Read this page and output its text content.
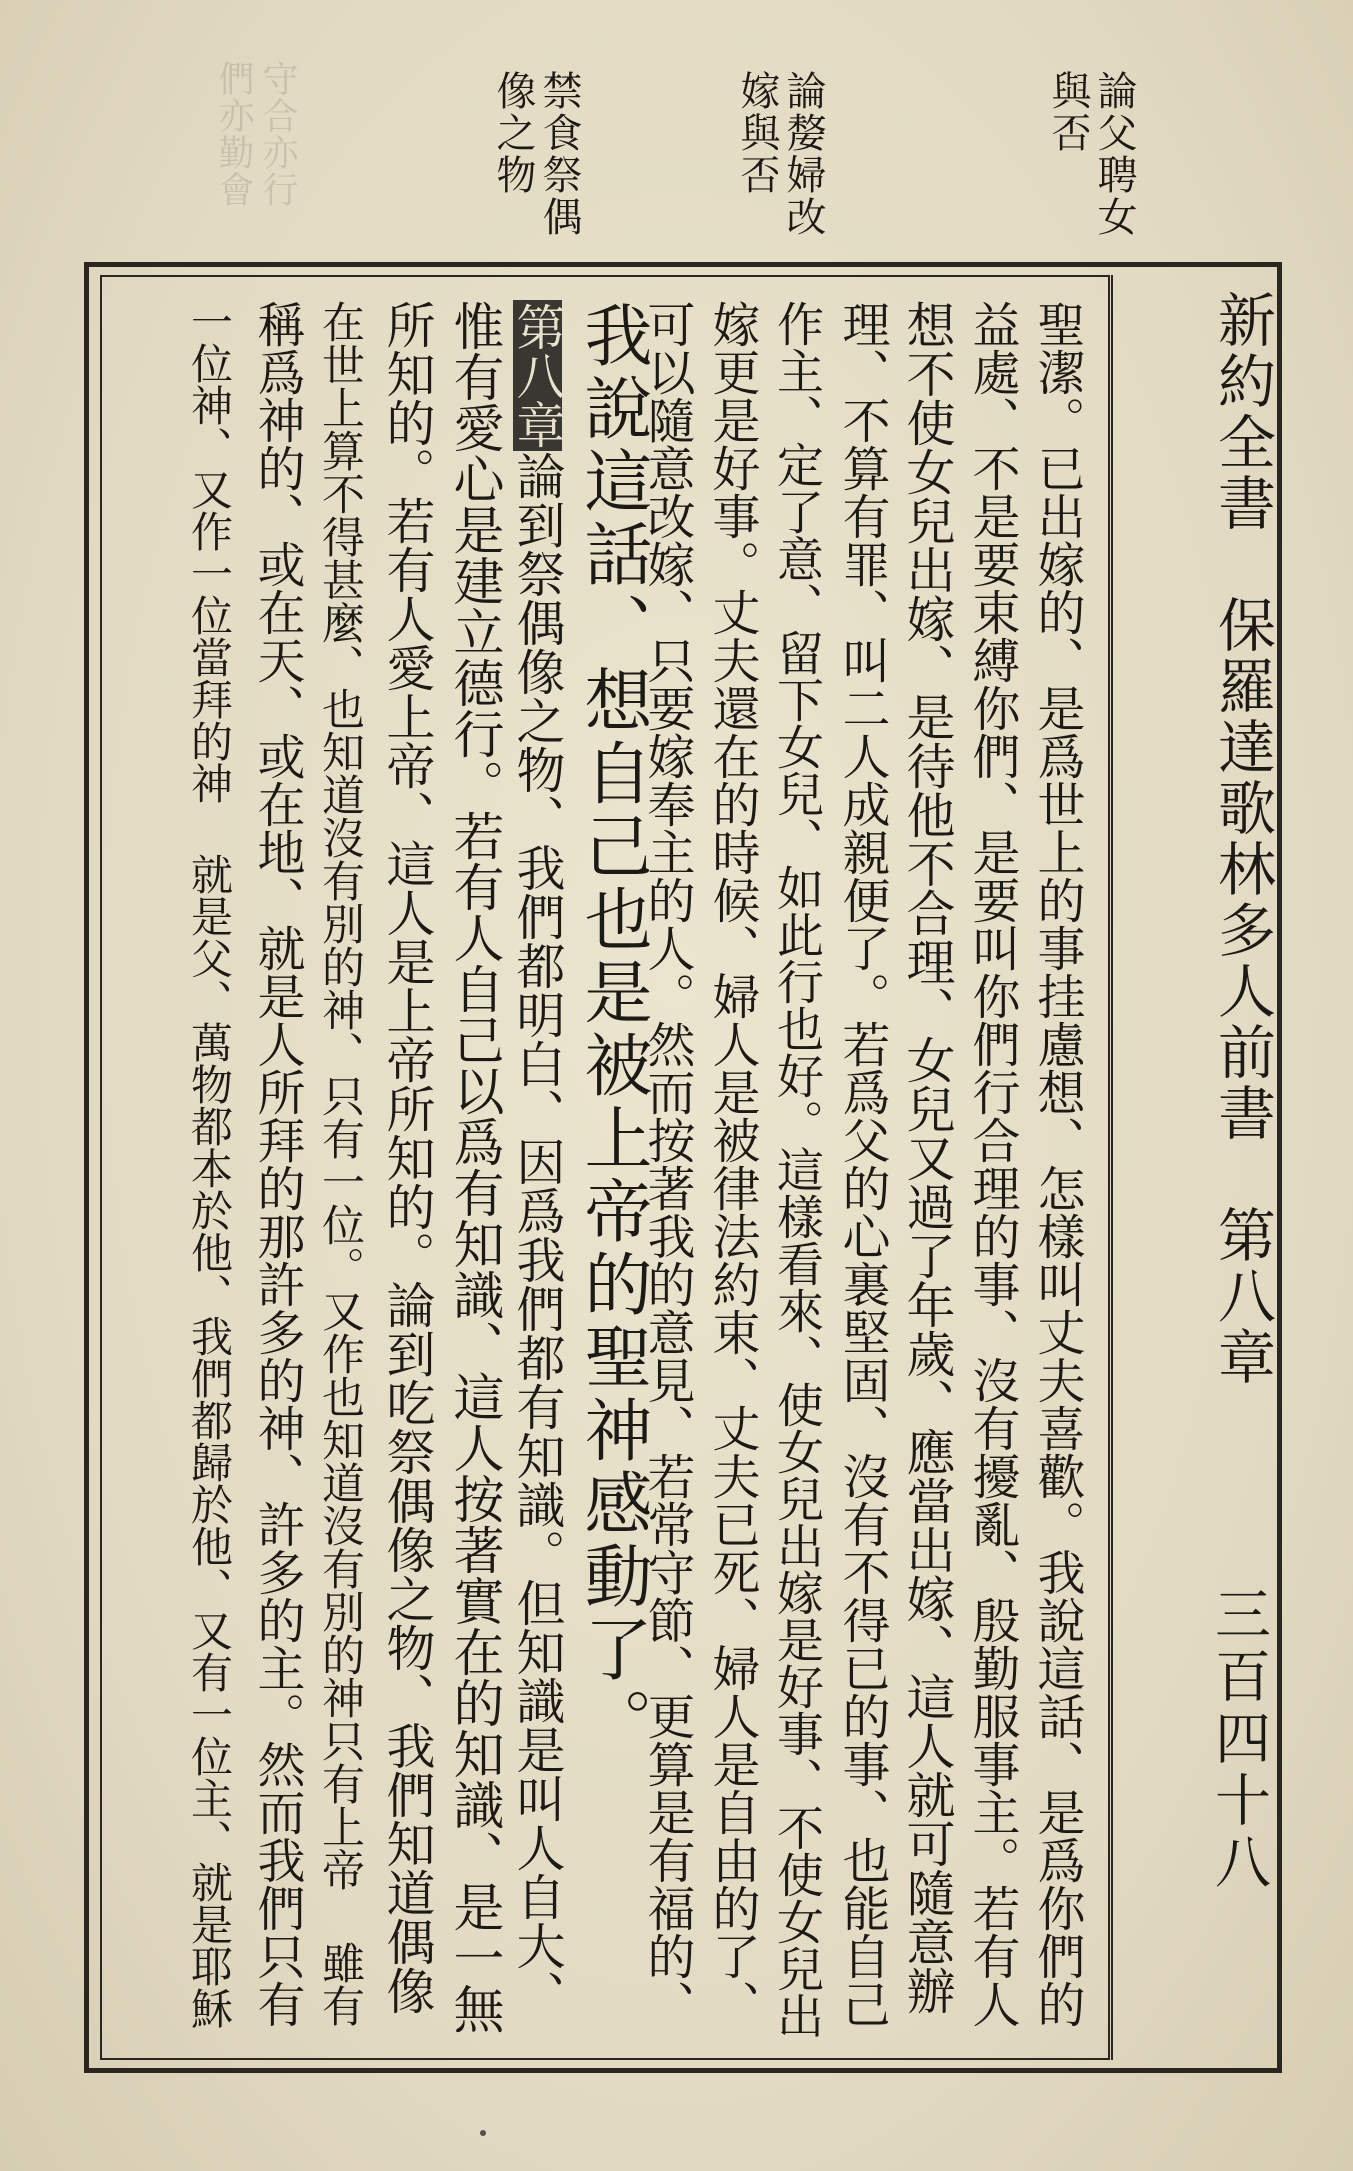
守合亦行
們亦勤會	論父聘女
與否
論嫠婦改
嫁與否
禁食祭偶
像之物
新約全書　保羅達歌林多人前書　第八章
三百四十八
聖潔。已出嫁的、是爲世上的事挂慮想、怎樣叫丈夫喜歡。我說這話、是爲你們的
益處、不是要束縛你們、是要叫你們行合理的事、沒有擾亂、殷勤服事主。若有人
想不使女兒出嫁、是待他不合理、女兒又過了年歲、應當出嫁、這人就可隨意辦
理、不算有罪、叫二人成親便了。若爲父的心裏堅固、沒有不得已的事、也能自己
作主、定了意、留下女兒、如此行也好。這樣看來、使女兒出嫁是好事、不使女兒出
嫁更是好事。丈夫還在的時候、婦人是被律法約束、丈夫已死、婦人是自由的了、
可以隨意改嫁、只要嫁奉主的人。然而按著我的意見、若常守節、更算是有福的、
我說這話、想自己也是被上帝的聖神感動了。
第八章論到祭偶像之物、我們都明白、因爲我們都有知識。但知識是叫人自大、
惟有愛心是建立德行。若有人自己以爲有知識、這人按著實在的知識、是一無
所知的。若有人愛上帝、這人是上帝所知的。論到吃祭偶像之物、我們知道偶像
在世上算不得甚麼、也知道沒有別的神、只有一位。又作也知道沒有別的神只有上帝 雖有
稱爲神的、或在天、或在地、就是人所拜的那許多的神、許多的主。然而我們只有
一位神、又作一位當拜的神 就是父、萬物都本於他、我們都歸於他、又有一位主、就是耶穌
